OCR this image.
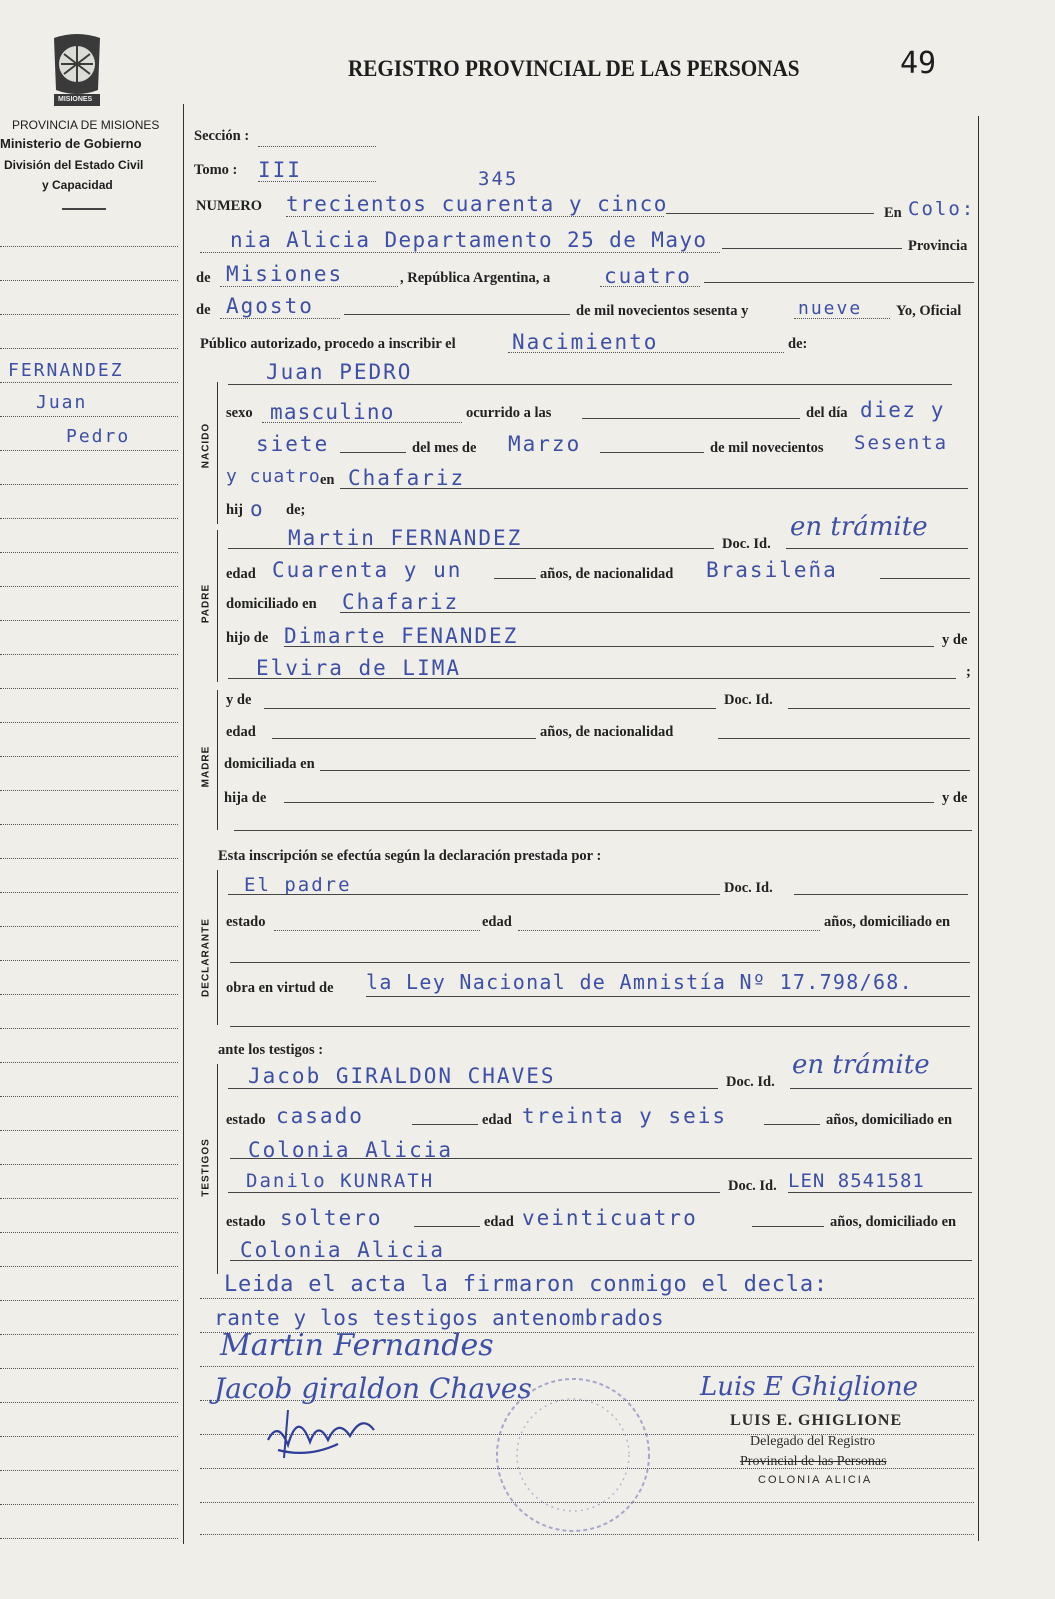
MISIONES
REGISTRO PROVINCIAL DE LAS PERSONAS	49
PROVINCIA DE MISIONES
Ministerio de Gobierno
División del Estado Civil
y Capacidad
NACIDO
PADRE
MADRE
DECLARANTE
TESTIGOS
FERNANDEZ
Juan
Pedro
Sección :
Tomo : III	345
NUMERO trecientos cuarenta y cinco	En Colo:
nia Alicia Departamento 25 de Mayo	Provincia
de Misiones	, República Argentina, a	cuatro
de Agosto	de mil novecientos sesenta y	nueve Yo, Oficial
Público autorizado, procedo a inscribir el	Nacimiento	de:
Juan PEDRO
sexo masculino	ocurrido a las	del día diez y
siete	del mes de Marzo	de mil novecientos Sesenta
y cuatro en Chafariz
hij o de;
Martin FERNANDEZ	Doc. Id.
en trámite
edad Cuarenta y un	años, de nacionalidad Brasileña
domiciliado en Chafariz
hijo de Dimarte FENANDEZ	y de
Elvira de LIMA	;
y de	Doc. Id.
edad	años, de nacionalidad
domiciliada en
hija de	y de
Esta inscripción se efectúa según la declaración prestada por :
El padre	Doc. Id.
estado	edad	años, domiciliado en
obra en virtud de la Ley Nacional de Amnistía Nº 17.798/68.
ante los testigos :
Jacob GIRALDON CHAVES	Doc. Id.
en trámite
estado casado	edad treinta y seis	años, domiciliado en
Colonia Alicia
Danilo KUNRATH	Doc. Id. LEN 8541581
estado soltero	edad veinticuatro	años, domiciliado en
Colonia Alicia
Leida el acta la firmaron conmigo el decla:
rante y los testigos antenombrados
Martin Fernandes
Jacob giraldon Chaves	Luis E Ghiglione
LUIS E. GHIGLIONE
Delegado del Registro
Provincial de las Personas
COLONIA ALICIA
